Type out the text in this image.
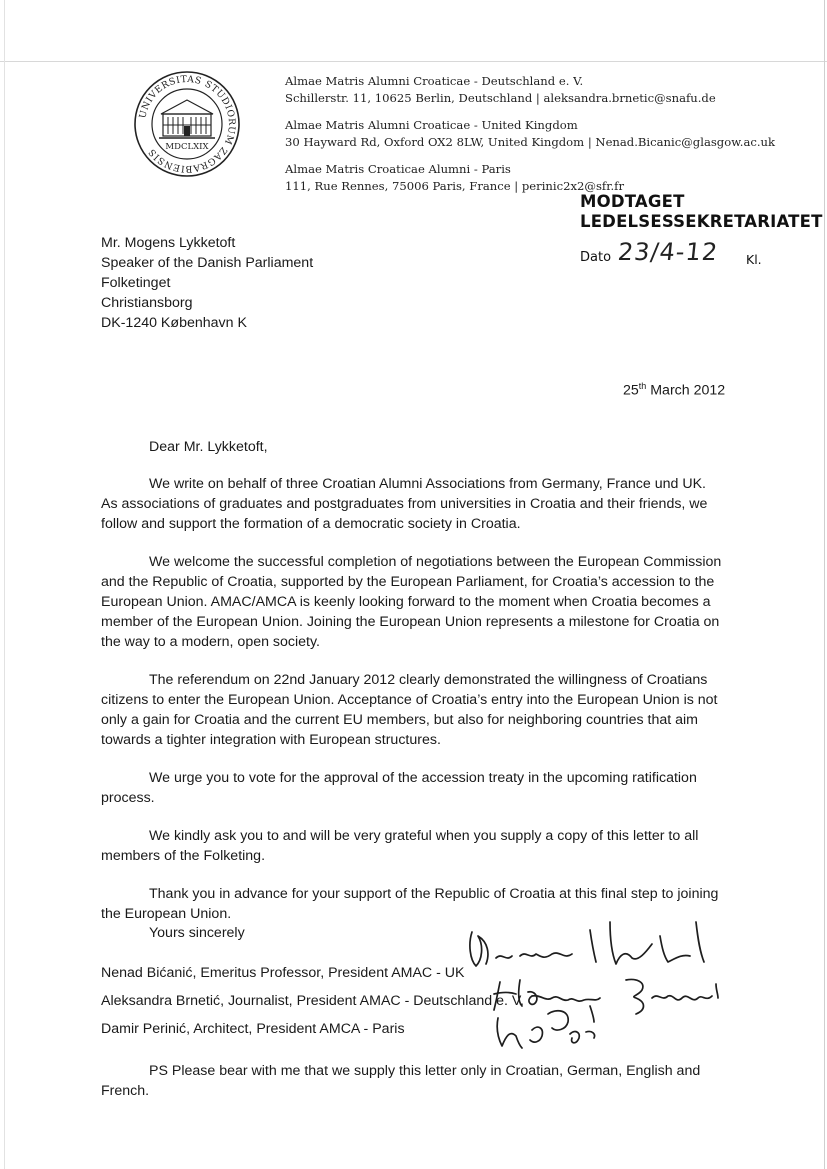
UNIVERSITAS STUDIORUM ZAGRABIENSIS MDCLXIX
Almae Matris Alumni Croaticae - Deutschland e. V.
Schillerstr. 11, 10625 Berlin, Deutschland | aleksandra.brnetic@snafu.de
Almae Matris Alumni Croaticae - United Kingdom
30 Hayward Rd, Oxford OX2 8LW, United Kingdom | Nenad.Bicanic@glasgow.ac.uk
Almae Matris Croaticae Alumni - Paris
111, Rue Rennes, 75006 Paris, France | perinic2x2@sfr.fr
MODTAGET
LEDELSESSEKRETARIATET
Dato 23/4-12 Kl.
Mr. Mogens Lykketoft
Speaker of the Danish Parliament
Folketinget
Christiansborg
DK-1240 København K
25th March 2012

Dear Mr. Lykketoft,

We write on behalf of three Croatian Alumni Associations from Germany, France und UK. As associations of graduates and postgraduates from universities in Croatia and their friends, we follow and support the formation of a democratic society in Croatia.

We welcome the successful completion of negotiations between the European Commission and the Republic of Croatia, supported by the European Parliament, for Croatia’s accession to the European Union. AMAC/AMCA is keenly looking forward to the moment when Croatia becomes a member of the European Union. Joining the European Union represents a milestone for Croatia on the way to a modern, open society.

The referendum on 22nd January 2012 clearly demonstrated the willingness of Croatians citizens to enter the European Union. Acceptance of Croatia’s entry into the European Union is not only a gain for Croatia and the current EU members, but also for neighboring countries that aim towards a tighter integration with European structures.

We urge you to vote for the approval of the accession treaty in the upcoming ratification process.

We kindly ask you to and will be very grateful when you supply a copy of this letter to all members of the Folketing.

Thank you in advance for your support of the Republic of Croatia at this final step to joining the European Union.

Yours sincerely
Nenad Bićanić, Emeritus Professor, President AMAC - UK
Aleksandra Brnetić, Journalist, President AMAC - Deutschland e. V.
Damir Perinić, Architect, President AMCA - Paris
PS Please bear with me that we supply this letter only in Croatian, German, English and French.
